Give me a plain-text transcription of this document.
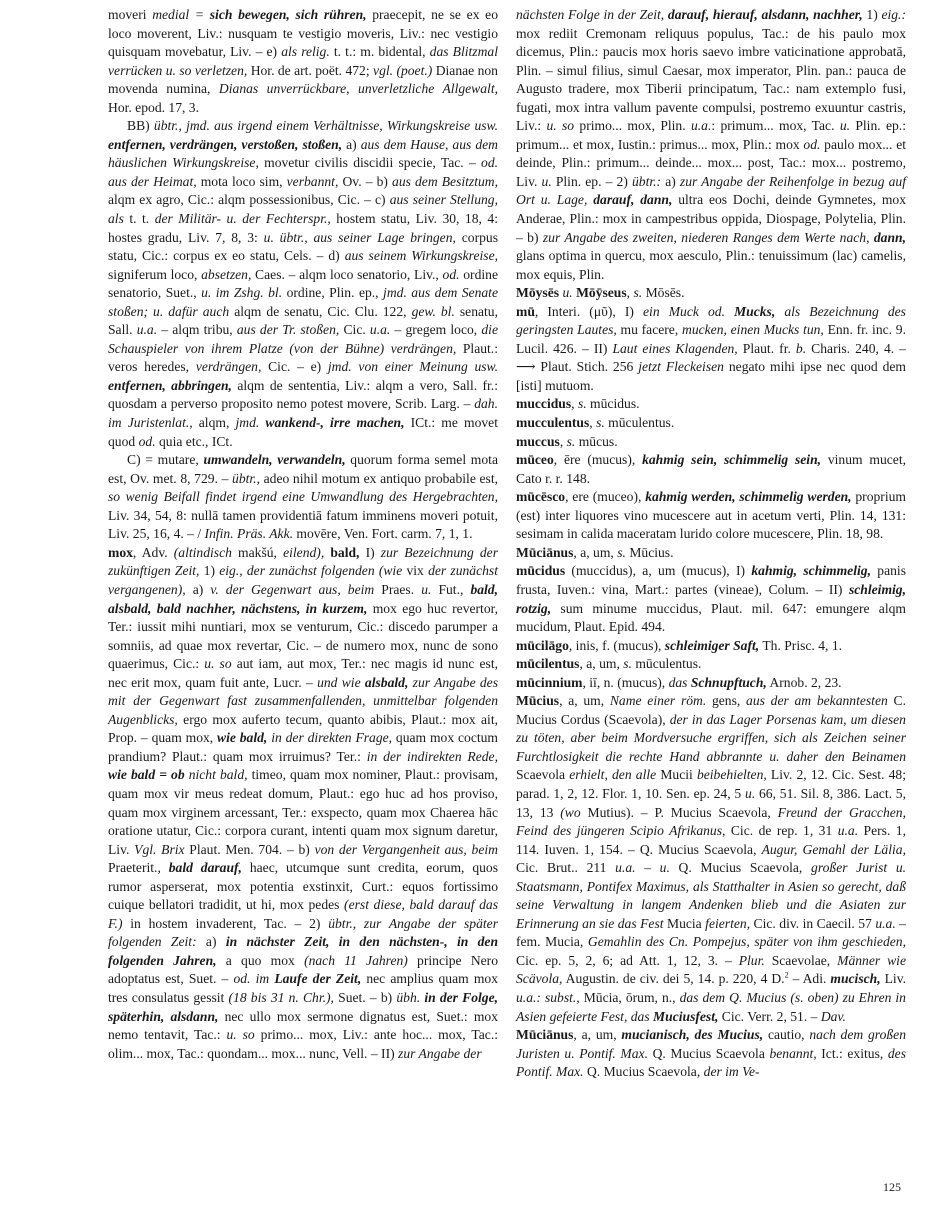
moveri medial = sich bewegen, sich rühren, praecepit, ne se ex eo loco moverent, Liv.: nusquam te vestigio moveris, Liv.: nec vestigio quisquam movebatur, Liv. – e) als relig. t. t.: m. bidental, das Blitzmal verrücken u. so verletzen, Hor. de art. poët. 472; vgl. (poet.) Dianae non movenda numina, Dianas unverrückbare, unverletzliche Allgewalt, Hor. epod. 17, 3.

BB) übtr., jmd. aus irgend einem Verhältnisse, Wirkungskreise usw. entfernen, verdrängen, verstoßen, stoßen, a) aus dem Hause, aus dem häuslichen Wirkungskreise, movetur civilis discidii specie, Tac. – od. aus der Heimat, mota loco sim, verbannt, Ov. – b) aus dem Besitztum, alqm ex agro, Cic.: alqm possessionibus, Cic. – c) aus seiner Stellung, als t. t. der Militär- u. der Fechterspr., hostem statu, Liv. 30, 18, 4: hostes gradu, Liv. 7, 8, 3: u. übtr., aus seiner Lage bringen, corpus statu, Cic.: corpus ex eo statu, Cels. – d) aus seinem Wirkungskreise, signiferum loco, absetzen, Caes. – alqm loco senatorio, Liv., od. ordine senatorio, Suet., u. im Zshg. bl. ordine, Plin. ep., jmd. aus dem Senate stoßen; u. dafür auch alqm de senatu, Cic. Clu. 122, gew. bl. senatu, Sall. u.a. – alqm tribu, aus der Tr. stoßen, Cic. u.a. – gregem loco, die Schauspieler von ihrem Platze (von der Bühne) verdrängen, Plaut.: veros heredes, verdrängen, Cic. – e) jmd. von einer Meinung usw. entfernen, abbringen, alqm de sententia, Liv.: alqm a vero, Sall. fr.: quosdam a perverso proposito nemo potest movere, Scrib. Larg. – dah. im Juristenlat., alqm, jmd. wankend-, irre machen, ICt.: me movet quod od. quia etc., ICt.

C) = mutare, umwandeln, verwandeln, quorum forma semel mota est, Ov. met. 8, 729. – übtr., adeo nihil motum ex antiquo probabile est, so wenig Beifall findet irgend eine Umwandlung des Hergebrachten, Liv. 34, 54, 8: nullā tamen providentiā fatum imminens moveri potuit, Liv. 25, 16, 4. – / Infin. Präs. Akk. movēre, Ven. Fort. carm. 7, 1, 1.

mox, Adv. (altindisch makšú, eilend), bald, I) zur Bezeichnung der zukünftigen Zeit, 1) eig., der zunächst folgenden (wie vix der zunächst vergangenen), a) v. der Gegenwart aus, beim Praes. u. Fut., bald, alsbald, bald nachher, nächstens, in kurzem, mox ego huc revertor, Ter.: iussit mihi nuntiari, mox se venturum, Cic.: discedo parumper a somniis, ad quae mox revertar, Cic. – de numero mox, nunc de sono quaerimus, Cic.: u. so aut iam, aut mox, Ter.: nec magis id nunc est, nec erit mox, quam fuit ante, Lucr. – und wie alsbald, zur Angabe des mit der Gegenwart fast zusammenfallenden, unmittelbar folgenden Augenblicks, ergo mox auferto tecum, quanto abibis, Plaut.: mox ait, Prop. – quam mox, wie bald, in der direkten Frage, quam mox coctum prandium? Plaut.: quam mox irruimus? Ter.: in der indirekten Rede, wie bald = ob nicht bald, timeo, quam mox nominer, Plaut.: provisam, quam mox vir meus redeat domum, Plaut.: ego huc ad hos proviso, quam mox virginem arcessant, Ter.: exspecto, quam mox Chaerea hāc oratione utatur, Cic.: corpora curant, intenti quam mox signum daretur, Liv. Vgl. Brix Plaut. Men. 704. – b) von der Vergangenheit aus, beim Praeterit., bald darauf, haec, utcumque sunt credita, eorum, quos rumor asperserat, mox potentia exstinxit, Curt.: equos fortissimo cuique bellatori tradidit, ut hi, mox pedes (erst diese, bald darauf das F.) in hostem invaderent, Tac. – 2) übtr., zur Angabe der später folgenden Zeit: a) in nächster Zeit, in den nächsten-, in den folgenden Jahren, a quo mox (nach 11 Jahren) principe Nero adoptatus est, Suet. – od. im Laufe der Zeit, nec amplius quam mox tres consulatus gessit (18 bis 31 n. Chr.), Suet. – b) übh. in der Folge, späterhin, alsdann, nec ullo mox sermone dignatus est, Suet.: mox nemo tentavit, Tac.: u. so primo... mox, Liv.: ante hoc... mox, Tac.: olim... mox, Tac.: quondam... mox... nunc, Vell. – II) zur Angabe der

nächsten Folge in der Zeit, darauf, hierauf, alsdann, nachher, 1) eig.: mox rediit Cremonam reliquus populus, Tac.: de his paulo mox dicemus, Plin.: paucis mox horis saevo imbre vaticinatione approbatā, Plin. – simul filius, simul Caesar, mox imperator, Plin. pan.: pauca de Augusto tradere, mox Tiberii principatum, Tac.: nam extemplo fusi, fugati, mox intra vallum pavente compulsi, postremo exuuntur castris, Liv.: u. so primo... mox, Plin. u.a.: primum... mox, Tac. u. Plin. ep.: primum... et mox, Iustin.: primus... mox, Plin.: mox od. paulo mox... et deinde, Plin.: primum... deinde... mox... post, Tac.: mox... postremo, Liv. u. Plin. ep. – 2) übtr.: a) zur Angabe der Reihenfolge in bezug auf Ort u. Lage, darauf, dann, ultra eos Dochi, deinde Gymnetes, mox Anderae, Plin.: mox in campestribus oppida, Diospage, Polytelia, Plin. – b) zur Angabe des zweiten, niederen Ranges dem Werte nach, dann, glans optima in quercu, mox aesculo, Plin.: tenuissimum (lac) camelis, mox equis, Plin.

Mōysēs u. Mōȳseus, s. Mōsēs.

mū, Interi. (μῦ), I) ein Muck od. Mucks, als Bezeichnung des geringsten Lautes, mu facere, mucken, einen Mucks tun, Enn. fr. inc. 9. Lucil. 426. – II) Laut eines Klagenden, Plaut. fr. b. Charis. 240, 4. – ⟶ Plaut. Stich. 256 jetzt Fleckeisen negato mihi ipse nec quod dem [isti] mutuom.

muccidus, s. mūcidus.

mucculentus, s. mūculentus.

muccus, s. mūcus.

mūceo, ēre (mucus), kahmig sein, schimmelig sein, vinum mucet, Cato r. r. 148.

mūcēsco, ere (muceo), kahmig werden, schimmelig werden, proprium (est) inter liquores vino mucescere aut in acetum verti, Plin. 14, 131: sesimam in calida maceratam lurido colore mucescere, Plin. 18, 98.

Mūciānus, a, um, s. Mūcius.

mūcidus (muccidus), a, um (mucus), I) kahmig, schimmelig, panis frusta, Iuven.: vina, Mart.: partes (vineae), Colum. – II) schleimig, rotzig, sum minume muccidus, Plaut. mil. 647: emungere alqm mucidum, Plaut. Epid. 494.

mūcilāgo, inis, f. (mucus), schleimiger Saft, Th. Prisc. 4, 1.

mūcilentus, a, um, s. mūculentus.

mūcinnium, iī, n. (mucus), das Schnupftuch, Arnob. 2, 23.

Mūcius, a, um, Name einer röm. gens, aus der am bekanntesten C. Mucius Cordus (Scaevola), der in das Lager Porsenas kam, um diesen zu töten, aber beim Mordversuche ergriffen, sich als Zeichen seiner Furchtlosigkeit die rechte Hand abbrannte u. daher den Beinamen Scaevola erhielt, den alle Mucii beibehielten, Liv. 2, 12. Cic. Sest. 48; parad. 1, 2, 12. Flor. 1, 10. Sen. ep. 24, 5 u. 66, 51. Sil. 8, 386. Lact. 5, 13, 13 (wo Mutius). – P. Mucius Scaevola, Freund der Gracchen, Feind des jüngeren Scipio Afrikanus, Cic. de rep. 1, 31 u.a. Pers. 1, 114. Iuven. 1, 154. – Q. Mucius Scaevola, Augur, Gemahl der Lälia, Cic. Brut.. 211 u.a. – u. Q. Mucius Scaevola, großer Jurist u. Staatsmann, Pontifex Maximus, als Statthalter in Asien so gerecht, daß seine Verwaltung in langem Andenken blieb und die Asiaten zur Erinnerung an sie das Fest Mucia feierten, Cic. div. in Caecil. 57 u.a. – fem. Mucia, Gemahlin des Cn. Pompejus, später von ihm geschieden, Cic. ep. 5, 2, 6; ad Att. 1, 12, 3. – Plur. Scaevolae, Männer wie Scävola, Augustin. de civ. dei 5, 14. p. 220, 4 D.$^2$ – Adi. mucisch, Liv. u.a.: subst., Mūcia, ōrum, n., das dem Q. Mucius (s. oben) zu Ehren in Asien gefeierte Fest, das Muciusfest, Cic. Verr. 2, 51. – Dav.

Mūciānus, a, um, mucianisch, des Mucius, cautio, nach dem großen Juristen u. Pontif. Max. Q. Mucius Scaevola benannt, Ict.: exitus, des Pontif. Max. Q. Mucius Scaevola, der im Ve-

125
